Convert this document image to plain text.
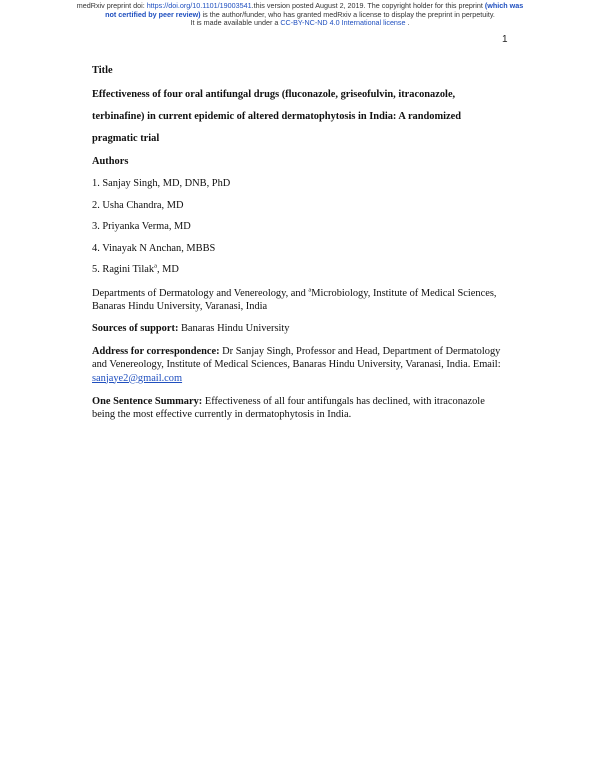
medRxiv preprint doi: https://doi.org/10.1101/19003541.this version posted August 2, 2019. The copyright holder for this preprint (which was
not certified by peer review) is the author/funder, who has granted medRxiv a license to display the preprint in perpetuity.
It is made available under a CC-BY-NC-ND 4.0 International license .
1

Title

Effectiveness of four oral antifungal drugs (fluconazole, griseofulvin, itraconazole, terbinafine) in current epidemic of altered dermatophytosis in India: A randomized pragmatic trial

Authors

1. Sanjay Singh, MD, DNB, PhD

2. Usha Chandra, MD

3. Priyanka Verma, MD

4. Vinayak N Anchan, MBBS

5. Ragini Tilak$^a$, MD

Departments of Dermatology and Venereology, and $^a$Microbiology, Institute of Medical Sciences, Banaras Hindu University, Varanasi, India

Sources of support: Banaras Hindu University

Address for correspondence: Dr Sanjay Singh, Professor and Head, Department of Dermatology and Venereology, Institute of Medical Sciences, Banaras Hindu University, Varanasi, India. Email: sanjaye2@gmail.com

One Sentence Summary: Effectiveness of all four antifungals has declined, with itraconazole being the most effective currently in dermatophytosis in India.
